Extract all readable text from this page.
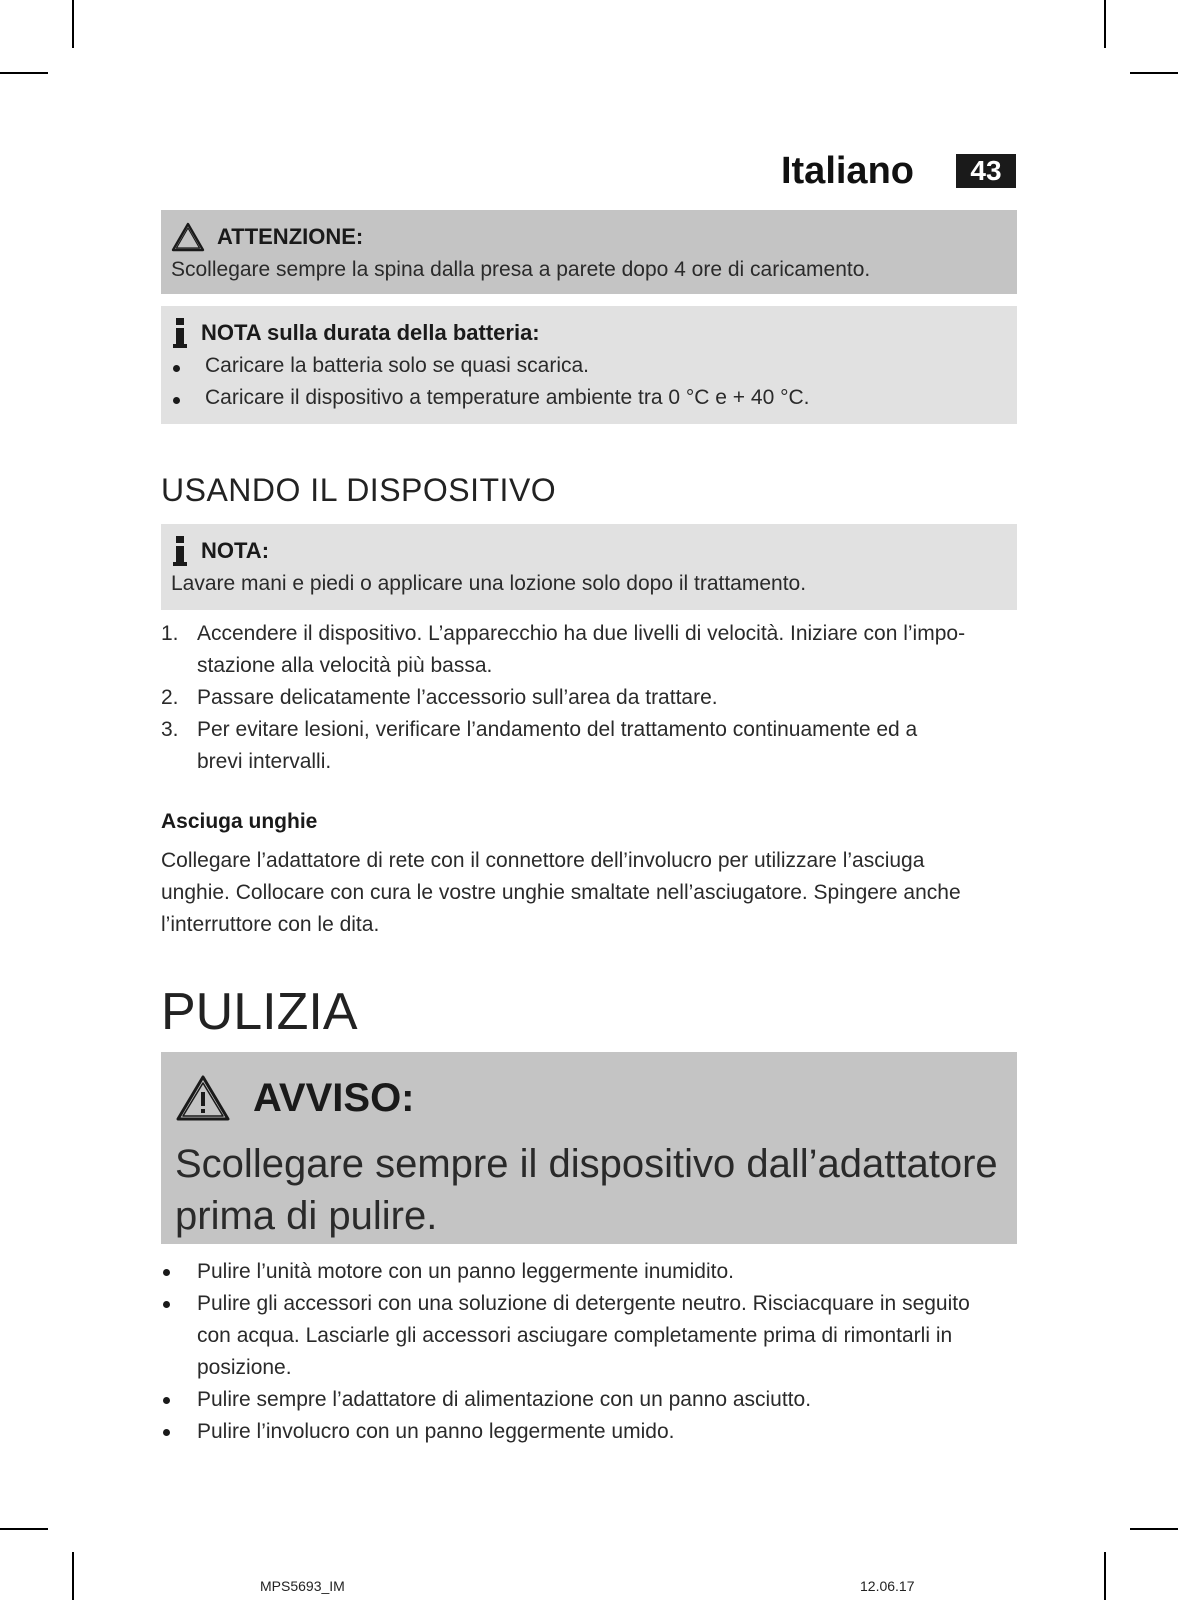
Italiano	43
ATTENZIONE:
Scollegare sempre la spina dalla presa a parete dopo 4 ore di caricamento.
NOTA sulla durata della batteria:
Caricare la batteria solo se quasi scarica.
Caricare il dispositivo a temperature ambiente tra 0 °C e + 40 °C.
USANDO IL DISPOSITIVO
NOTA:
Lavare mani e piedi o applicare una lozione solo dopo il trattamento.
1. Accendere il dispositivo. L’apparecchio ha due livelli di velocità. Iniziare con l’impo-
stazione alla velocità più bassa.
2. Passare delicatamente l’accessorio sull’area da trattare.
3. Per evitare lesioni, verificare l’andamento del trattamento continuamente ed a
brevi intervalli.
Asciuga unghie
Collegare l’adattatore di rete con il connettore dell’involucro per utilizzare l’asciuga
unghie. Collocare con cura le vostre unghie smaltate nell’asciugatore. Spingere anche
l’interruttore con le dita.
PULIZIA
AVVISO:
Scollegare sempre il dispositivo dall’adattatore
prima di pulire.
Pulire l’unità motore con un panno leggermente inumidito.
Pulire gli accessori con una soluzione di detergente neutro. Risciacquare in seguito
con acqua. Lasciarle gli accessori asciugare completamente prima di rimontarli in
posizione.
Pulire sempre l’adattatore di alimentazione con un panno asciutto.
Pulire l’involucro con un panno leggermente umido.
MPS5693_IM	12.06.17
